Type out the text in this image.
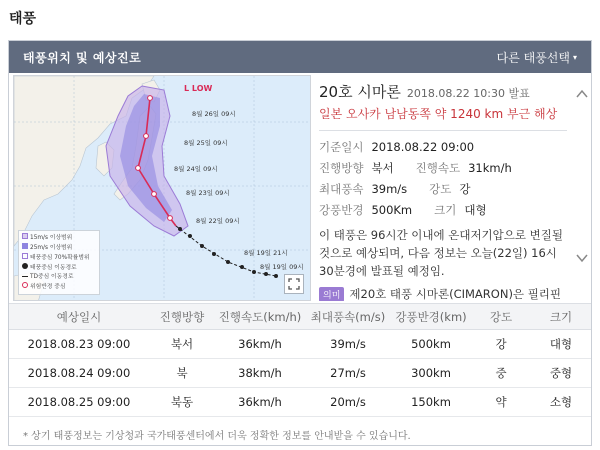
태풍
태풍위치 및 예상진로	다른 태풍선택 ▾
L LOW
8월 26일 09시
8월 25일 09시
8월 24일 09시
8월 23일 09시
8월 22일 09시
8월 19일 21시
8월 19일 09시
15m/s 이상범위
25m/s 이상범위
태풍중심 70%확률범위
태풍중심 이동경로
TD중심 이동경로
위험반경 중심
20호 시마론 2018.08.22 10:30 발표
일본 오사카 남남동쪽 약 1240 km 부근 해상
기준일시 2018.08.22 09:00
진행방향 북서 진행속도 31km/h
최대풍속 39m/s 강도 강
강풍반경 500Km 크기 대형
이 태풍은 96시간 이내에 온대저기압으로 변질될 것으로 예상되며, 다음 정보는 오늘(22일) 16시 30분경에 발표될 예정임.
의미 제20호 태풍 시마론(CIMARON)은 필리핀
예상일시	진행방향	진행속도(km/h)	최대풍속(m/s)	강풍반경(km)	강도	크기
2018.08.23 09:00	북서	36km/h	39m/s	500km	강	대형
2018.08.24 09:00	북	38km/h	27m/s	300km	중	중형
2018.08.25 09:00	북동	36km/h	20m/s	150km	약	소형
* 상기 태풍정보는 기상청과 국가태풍센터에서 더욱 정확한 정보를 안내받을 수 있습니다.
